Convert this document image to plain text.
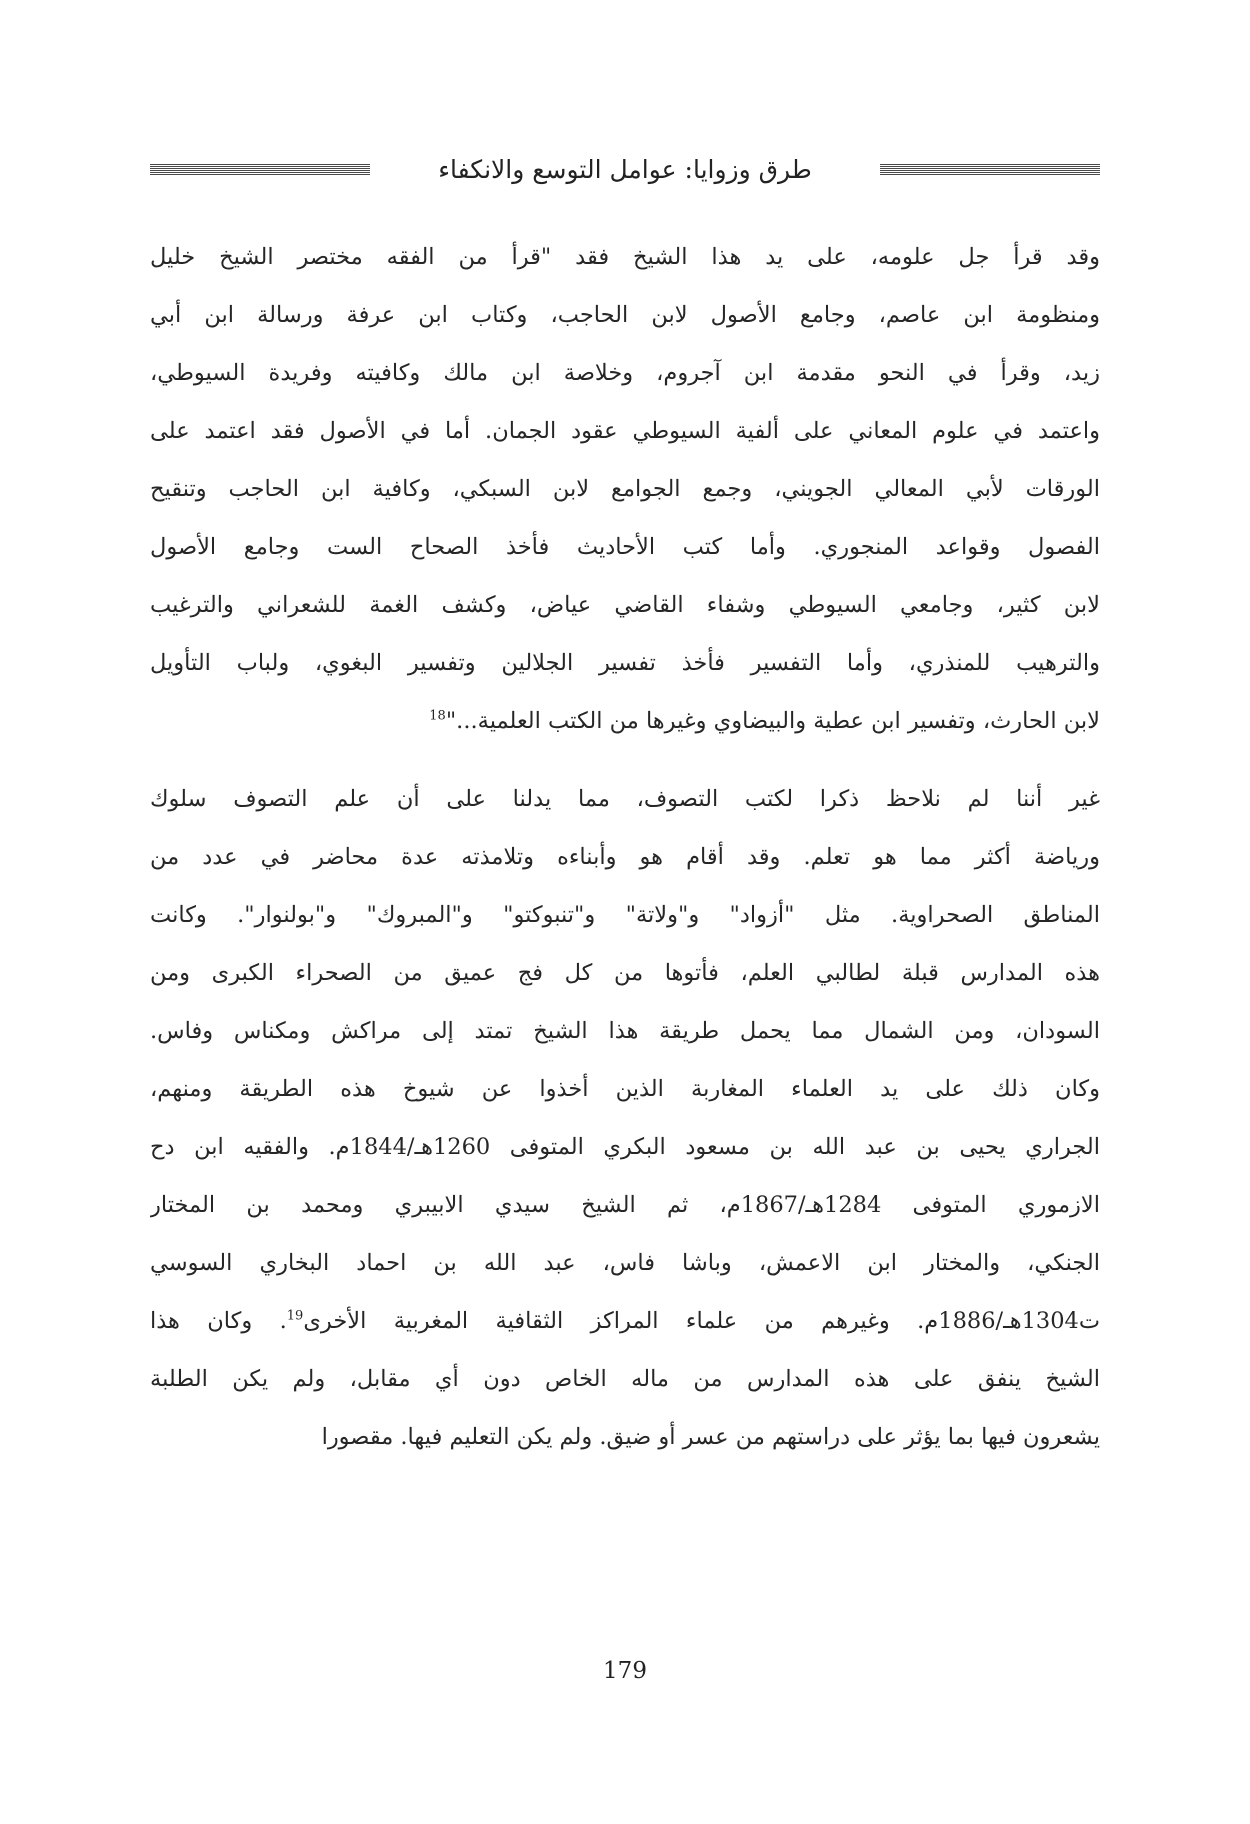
طرق وزوايا: عوامل التوسع والانكفاء
وقد قرأ جل علومه، على يد هذا الشيخ فقد "قرأ من الفقه مختصر الشيخ خليل
ومنظومة ابن عاصم، وجامع الأصول لابن الحاجب، وكتاب ابن عرفة ورسالة ابن أبي
زيد، وقرأ في النحو مقدمة ابن آجروم، وخلاصة ابن مالك وكافيته وفريدة السيوطي،
واعتمد في علوم المعاني على ألفية السيوطي عقود الجمان. أما في الأصول فقد اعتمد على
الورقات لأبي المعالي الجويني، وجمع الجوامع لابن السبكي، وكافية ابن الحاجب وتنقيح
الفصول وقواعد المنجوري. وأما كتب الأحاديث فأخذ الصحاح الست وجامع الأصول
لابن كثير، وجامعي السيوطي وشفاء القاضي عياض، وكشف الغمة للشعراني والترغيب
والترهيب للمنذري، وأما التفسير فأخذ تفسير الجلالين وتفسير البغوي، ولباب التأويل
لابن الحارث، وتفسير ابن عطية والبيضاوي وغيرها من الكتب العلمية..."$^{18}$
غير أننا لم نلاحظ ذكرا لكتب التصوف، مما يدلنا على أن علم التصوف سلوك
ورياضة أكثر مما هو تعلم. وقد أقام هو وأبناءه وتلامذته عدة محاضر في عدد من
المناطق الصحراوية. مثل "أزواد" و"ولاتة" و"تنبوكتو" و"المبروك" و"بولنوار". وكانت
هذه المدارس قبلة لطالبي العلم، فأتوها من كل فج عميق من الصحراء الكبرى ومن
السودان، ومن الشمال مما يحمل طريقة هذا الشيخ تمتد إلى مراكش ومكناس وفاس.
وكان ذلك على يد العلماء المغاربة الذين أخذوا عن شيوخ هذه الطريقة ومنهم،
الجراري يحيى بن عبد الله بن مسعود البكري المتوفى 1260هـ/1844م. والفقيه ابن دح
الازموري المتوفى 1284هـ/1867م، ثم الشيخ سيدي الابيبري ومحمد بن المختار
الجنكي، والمختار ابن الاعمش، وباشا فاس، عبد الله بن احماد البخاري السوسي
ت1304هـ/1886م. وغيرهم من علماء المراكز الثقافية المغربية الأخرى$^{19}$. وكان هذا
الشيخ ينفق على هذه المدارس من ماله الخاص دون أي مقابل، ولم يكن الطلبة
يشعرون فيها بما يؤثر على دراستهم من عسر أو ضيق. ولم يكن التعليم فيها. مقصورا
179
